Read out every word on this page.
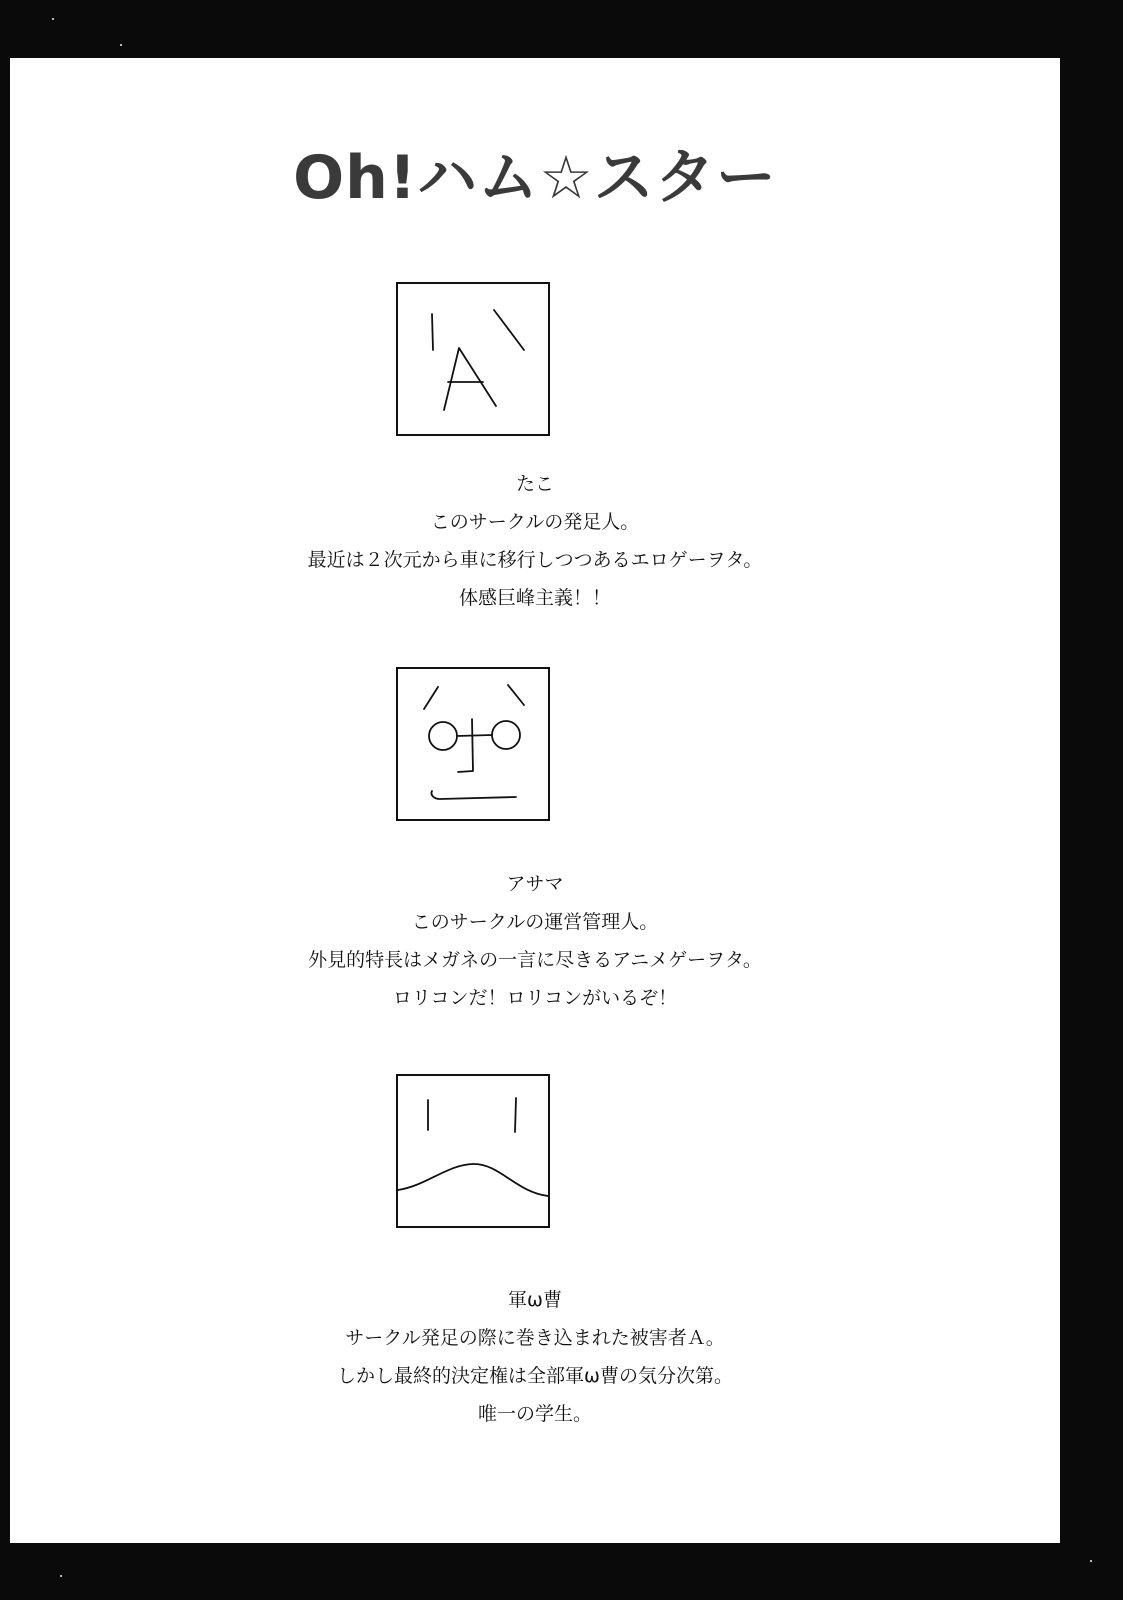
Oh!ハム☆スター
たこ
このサークルの発足人。
最近は２次元から車に移行しつつあるエロゲーヲタ。
体感巨峰主義！！
アサマ
このサークルの運営管理人。
外見的特長はメガネの一言に尽きるアニメゲーヲタ。
ロリコンだ！ロリコンがいるぞ！
軍ω曹
サークル発足の際に巻き込まれた被害者Ａ。
しかし最終的決定権は全部軍ω曹の気分次第。
唯一の学生。
